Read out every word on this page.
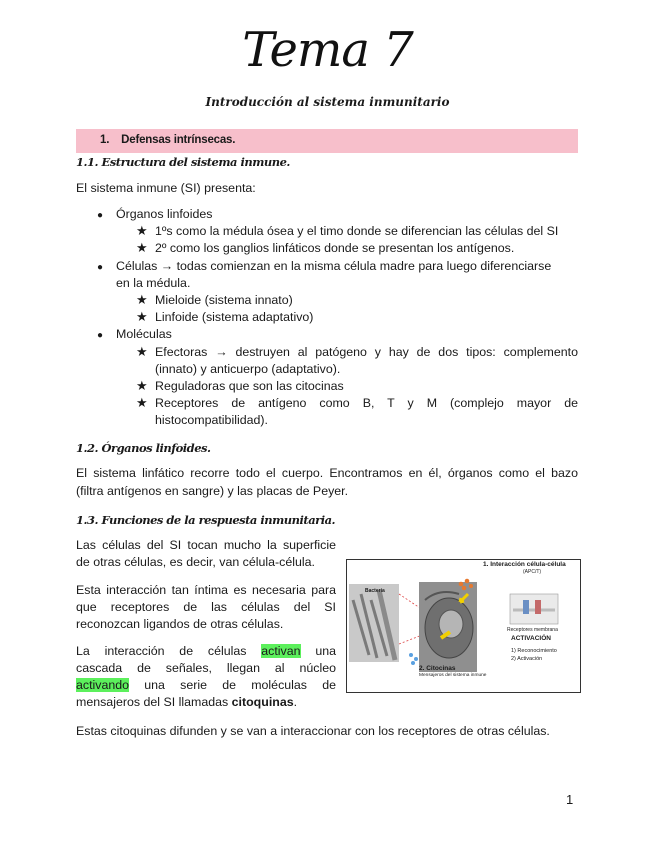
Tema 7
Introducción al sistema inmunitario
1.    Defensas intrínsecas.
1.1. Estructura del sistema inmune.
El sistema inmune (SI) presenta:
● Órganos linfoides
★ 1ºs como la médula ósea y el timo donde se diferencian las células del SI
★ 2º como los ganglios linfáticos donde se presentan los antígenos.
● Células → todas comienzan en la misma célula madre para luego diferenciarse
en la médula.
★ Mieloide (sistema innato)
★ Linfoide (sistema adaptativo)
● Moléculas
★ Efectoras → destruyen al patógeno y hay de dos tipos: complemento
(innato) y anticuerpo (adaptativo).
★ Reguladoras que son las citocinas
★ Receptores de antígeno como B, T y M (complejo mayor de
histocompatibilidad).
1.2. Órganos linfoides.
El sistema linfático recorre todo el cuerpo. Encontramos en él, órganos como el bazo
(filtra antígenos en sangre) y las placas de Peyer.
1.3. Funciones de la respuesta inmunitaria.
Las células del SI tocan mucho la superficie
de otras células, es decir, van célula-célula.
Esta interacción tan íntima es necesaria para
que receptores de las células del SI
reconozcan ligandos de otras células.
La interacción de células activan una
cascada de señales, llegan al núcleo
activando una serie de moléculas de
mensajeros del SI llamadas citoquinas.
1. Interacción célula-célula
(APC/T)
Bacteria
Receptores membrana
ACTIVACIÓN
1) Reconocimiento
2) Activación
2. Citocinas
Mensajeros del sistema inmune
Estas citoquinas difunden y se van a interaccionar con los receptores de otras células.
1
